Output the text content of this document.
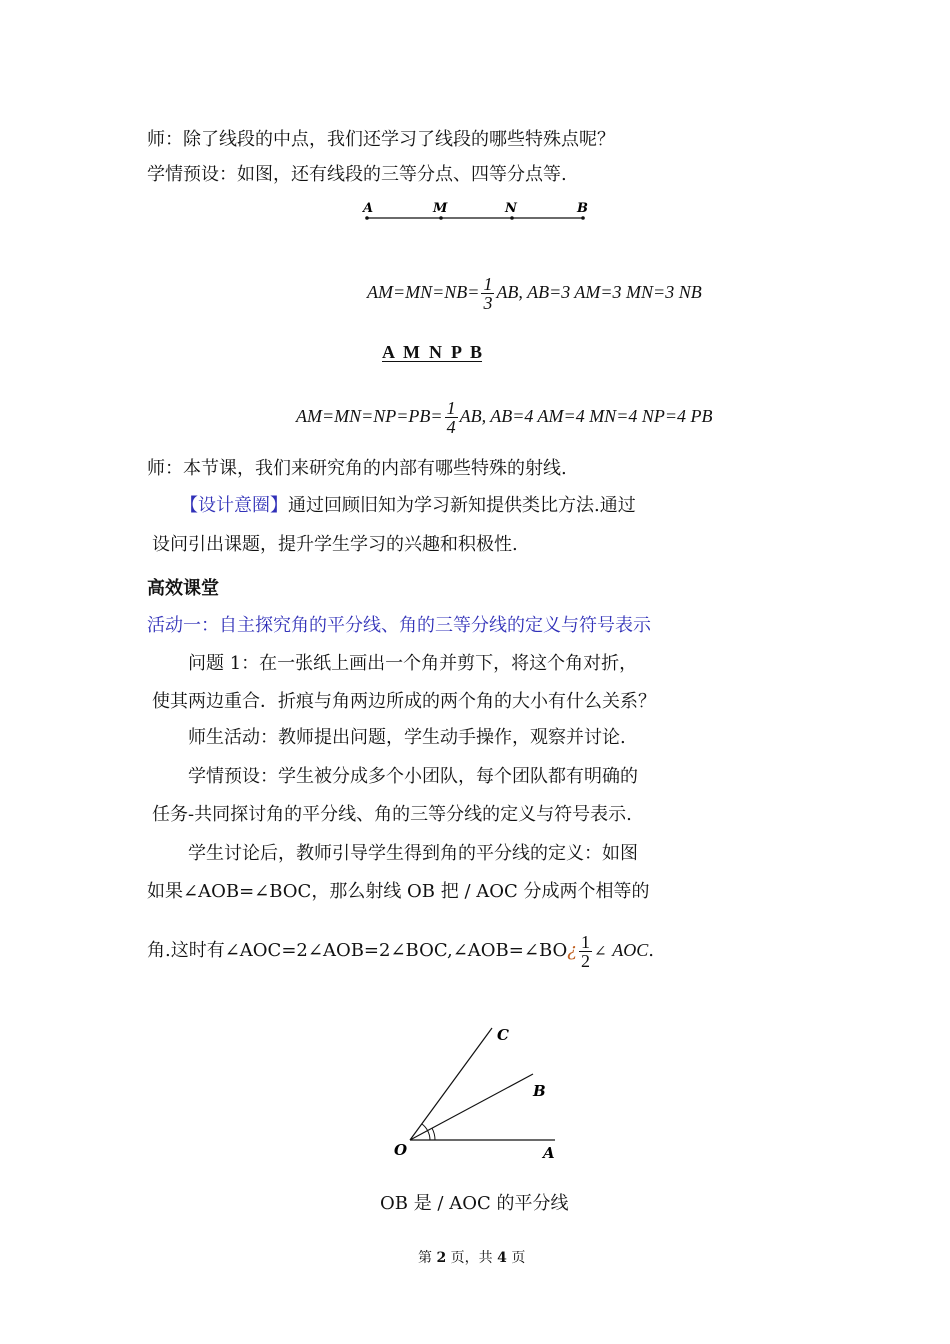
师：除了线段的中点，我们还学习了线段的哪些特殊点呢？
学情预设：如图，还有线段的三等分点、四等分点等.
A	M	N	B
$AM=MN=NB= \frac{1}{3}$ AB, AB=3 AM=3 MN=3 NB
A  M  N  P  B
$AM=MN=NP=PB= \frac{1}{4}$ AB, AB=4 AM=4 MN=4 NP=4 PB
师：本节课，我们来研究角的内部有哪些特殊的射线.
【设计意圈】通过回顾旧知为学习新知提供类比方法.通过
设问引出课题，提升学生学习的兴趣和积极性.
高效课堂
活动一：自主探究角的平分线、角的三等分线的定义与符号表示
问题 1：在一张纸上画出一个角并剪下，将这个角对折，
使其两边重合．折痕与角两边所成的两个角的大小有什么关系？
师生活动：教师提出问题，学生动手操作，观察并讨论.
学情预设：学生被分成多个小团队，每个团队都有明确的
任务-共同探讨角的平分线、角的三等分线的定义与符号表示.
学生讨论后，教师引导学生得到角的平分线的定义：如图
如果∠AOB=∠BOC，那么射线 OB 把 / AOC 分成两个相等的
角.这时有∠AOC=2∠AOB=2∠BOC,∠AOB=∠BO¿ $\frac{1}{2}$ ∠ AOC.
C
B
O	A
OB 是 / AOC 的平分线
第 2 页，共 4 页
